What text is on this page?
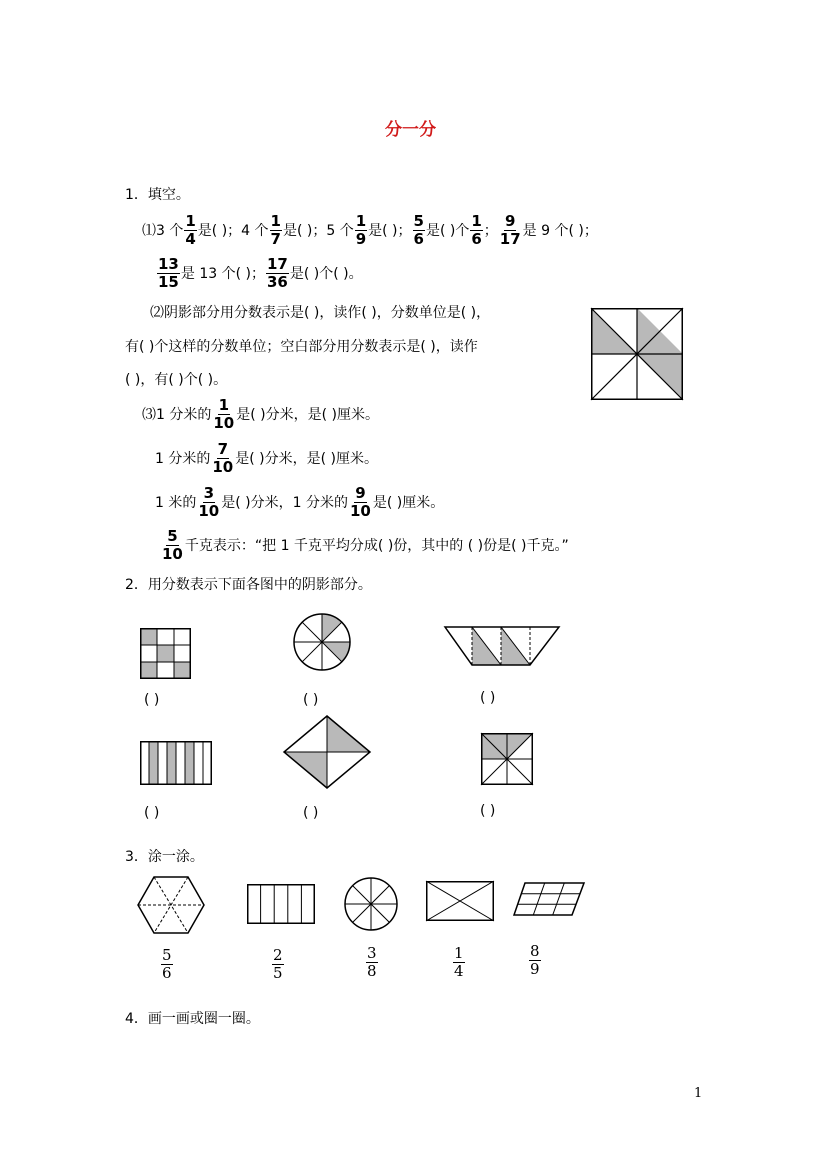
分一分
1．填空。
⑴3 个 $\frac{1}{4}$ 是( )；4 个 $\frac{1}{7}$ 是( )；5 个 $\frac{1}{9}$ 是( )； $\frac{5}{6}$ 是( )个 $\frac{1}{6}$ ； $\frac{9}{17}$ 是 9 个( )；
$\frac{13}{15}$ 是 13 个( )； $\frac{17}{36}$ 是( )个( )。
⑵阴影部分用分数表示是( )，读作( )，分数单位是( )，
有( )个这样的分数单位；空白部分用分数表示是( )，读作
( )，有( )个( )。
⑶1 分米的 $\frac{1}{10}$ 是( )分米，是( )厘米。
1 分米的 $\frac{7}{10}$ 是( )分米，是( )厘米。
1 米的 $\frac{3}{10}$ 是( )分米，1 分米的 $\frac{9}{10}$ 是( )厘米。
$\frac{5}{10}$ 千克表示：“把 1 千克平均分成( )份，其中的 ( )份是( )千克。”
2．用分数表示下面各图中的阴影部分。
( )	( )	( )
( )	( )	( )
3．涂一涂。
$\frac{5}{6}$	$\frac{2}{5}$	$\frac{3}{8}$	$\frac{1}{4}$	$\frac{8}{9}$
4．画一画或圈一圈。
1
